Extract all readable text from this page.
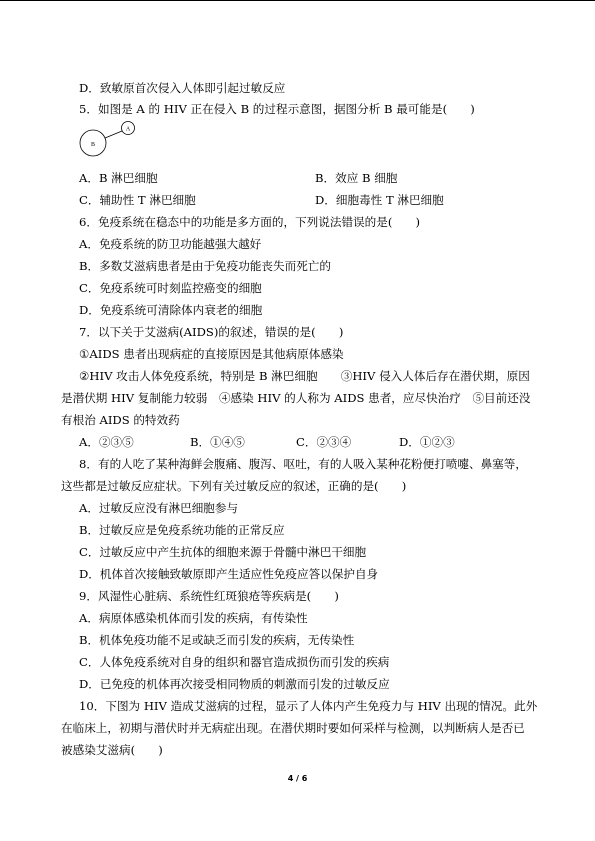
D．致敏原首次侵入人体即引起过敏反应
5．如图是 A 的 HIV 正在侵入 B 的过程示意图，据图分析 B 最可能是(　　)
B
A
A．B 淋巴细胞	B．效应 B 细胞
C．辅助性 T 淋巴细胞	D．细胞毒性 T 淋巴细胞
6．免疫系统在稳态中的功能是多方面的，下列说法错误的是(　　)
A．免疫系统的防卫功能越强大越好
B．多数艾滋病患者是由于免疫功能丧失而死亡的
C．免疫系统可时刻监控癌变的细胞
D．免疫系统可清除体内衰老的细胞
7．以下关于艾滋病(AIDS)的叙述，错误的是(　　)
①AIDS 患者出现病症的直接原因是其他病原体感染
②HIV 攻击人体免疫系统，特别是 B 淋巴细胞　　③HIV 侵入人体后存在潜伏期，原因
是潜伏期 HIV 复制能力较弱　④感染 HIV 的人称为 AIDS 患者，应尽快治疗　⑤目前还没
有根治 AIDS 的特效药
A．②③⑤	B．①④⑤	C．②③④	D．①②③
8．有的人吃了某种海鲜会腹痛、腹泻、呕吐，有的人吸入某种花粉便打喷嚏、鼻塞等，
这些都是过敏反应症状。下列有关过敏反应的叙述，正确的是(　　)
A．过敏反应没有淋巴细胞参与
B．过敏反应是免疫系统功能的正常反应
C．过敏反应中产生抗体的细胞来源于骨髓中淋巴干细胞
D．机体首次接触致敏原即产生适应性免疫应答以保护自身
9．风湿性心脏病、系统性红斑狼疮等疾病是(　　)
A．病原体感染机体而引发的疾病，有传染性
B．机体免疫功能不足或缺乏而引发的疾病，无传染性
C．人体免疫系统对自身的组织和器官造成损伤而引发的疾病
D．已免疫的机体再次接受相同物质的刺激而引发的过敏反应
10．下图为 HIV 造成艾滋病的过程，显示了人体内产生免疫力与 HIV 出现的情况。此外
在临床上，初期与潜伏时并无病症出现。在潜伏期时要如何采样与检测，以判断病人是否已
被感染艾滋病(　　)
4 / 6
